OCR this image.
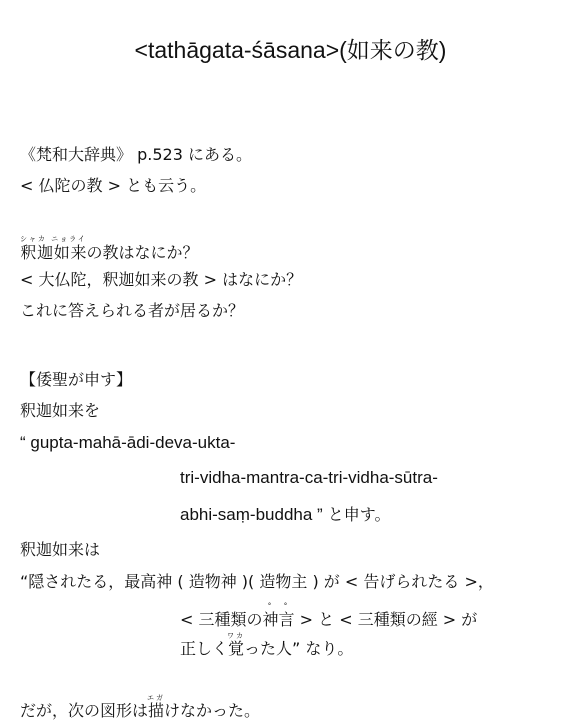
<tathāgata-śāsana>(如来の教)
《梵和大辞典》 p.523 にある。
< 仏陀の教 > とも云う。
釈迦如来シャカ ニョライの教はなにか？
< 大仏陀，釈迦如来の教 > はなにか？
これに答えられる者が居るか？
【倭聖が申す】
釈迦如来を
“ gupta-mahā-ādi-deva-ukta-
tri-vidha-mantra-ca-tri-vidha-sūtra-
abhi-saṃ-buddha ” と申す。
釈迦如来は
“隠されたる，最高神 ( 造物神 )( 造物主 ) が < 告げられたる >，
< 三種類の神°言° > と < 三種類の經 > が
正しく覚ワカった人” なり。
だが，次の図形は描エガけなかった。
